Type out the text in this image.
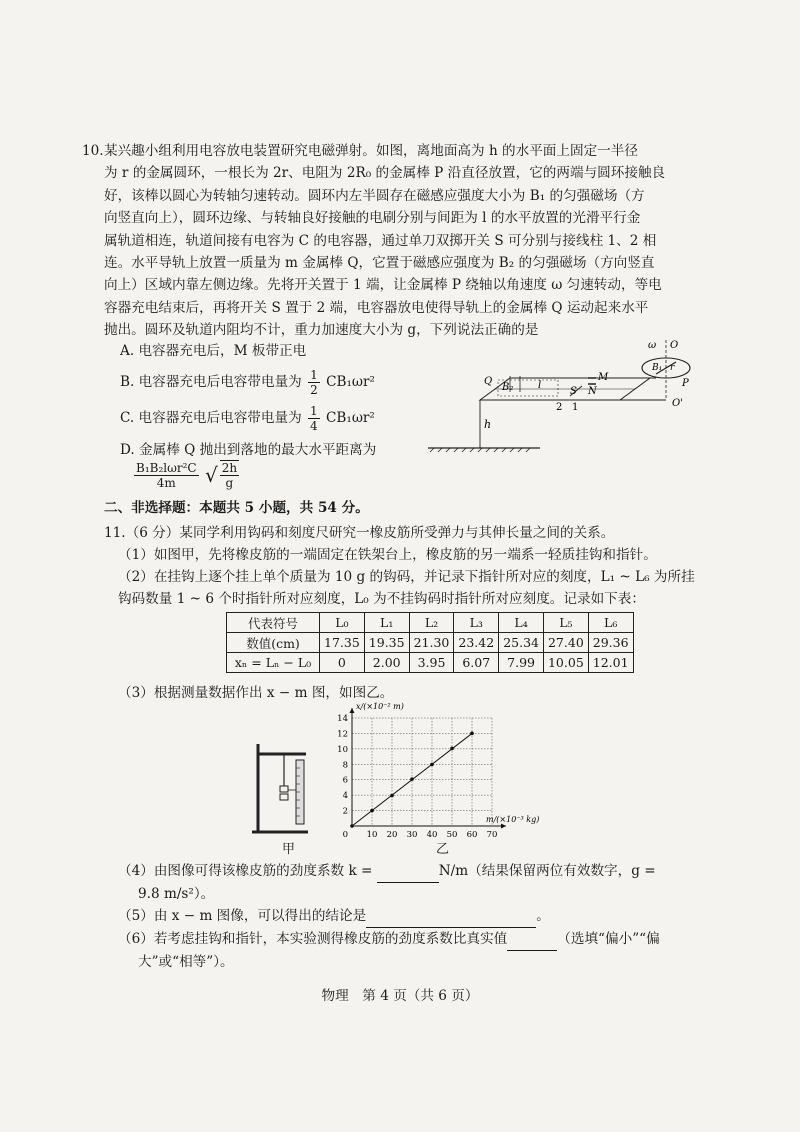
10. 某兴趣小组利用电容放电装置研究电磁弹射。如图，离地面高为 h 的水平面上固定一半径

为 r 的金属圆环，一根长为 2r、电阻为 2R₀ 的金属棒 P 沿直径放置，它的两端与圆环接触良

好，该棒以圆心为转轴匀速转动。圆环内左半圆存在磁感应强度大小为 B₁ 的匀强磁场（方

向竖直向上），圆环边缘、与转轴良好接触的电刷分别与间距为 l 的水平放置的光滑平行金

属轨道相连，轨道间接有电容为 C 的电容器，通过单刀双掷开关 S 可分别与接线柱 1、2 相

连。水平导轨上放置一质量为 m 金属棒 Q，它置于磁感应强度为 B₂ 的匀强磁场（方向竖直

向上）区域内靠左侧边缘。先将开关置于 1 端，让金属棒 P 绕轴以角速度 ω 匀速转动，等电

容器充电结束后，再将开关 S 置于 2 端，电容器放电使得导轨上的金属棒 Q 运动起来水平

抛出。圆环及轨道内阻均不计，重力加速度大小为 g，下列说法正确的是

A. 电容器充电后，M 板带正电
B. 电容器充电后电容带电量为 $\frac{1}{2} CB_1\omega r^2$
C. 电容器充电后电容带电量为 $\frac{1}{4} CB_1\omega r^2$
D. 金属棒 Q 抛出到落地的最大水平距离为
$\frac{\text{B₁B₂lωr²C}}{4m}$ √ $\frac{2h}{g}$
h
Q
B₂ l
M
N
S
2 1
O
ω
B₁ r
P
O'
二、非选择题：本题共 5 小题，共 54 分。

11.（6 分）某同学利用钩码和刻度尺研究一橡皮筋所受弹力与其伸长量之间的关系。

（1）如图甲，先将橡皮筋的一端固定在铁架台上，橡皮筋的另一端系一轻质挂钩和指针。

（2）在挂钩上逐个挂上单个质量为 10 g 的钩码，并记录下指针所对应的刻度，L₁ ~ L₆ 为所挂

钩码数量 1 ~ 6 个时指针所对应刻度，L₀ 为不挂钩码时指针所对应刻度。记录如下表：

代表符号	L₀	L₁	L₂	L₃	L₄	L₅	L₆
数值(cm)	17.35	19.35	21.30	23.42	25.34	27.40	29.36
xₙ = Lₙ − L₀	0	2.00	3.95	6.07	7.99	10.05	12.01

（3）根据测量数据作出 x − m 图，如图乙。

甲
10 20 30 40 50 60 70
2
4
6
8
10
12
14
0
x/(×10⁻² m)
m/(×10⁻³ kg)
乙

（4）由图像可得该橡皮筋的劲度系数 k =	N/m（结果保留两位有效数字，g =

9.8 m/s²）。

（5）由 x − m 图像，可以得出的结论是	。

（6）若考虑挂钩和指针，本实验测得橡皮筋的劲度系数比真实值	（选填“偏小”“偏

大”或“相等”）。

物理　第 4 页（共 6 页）
